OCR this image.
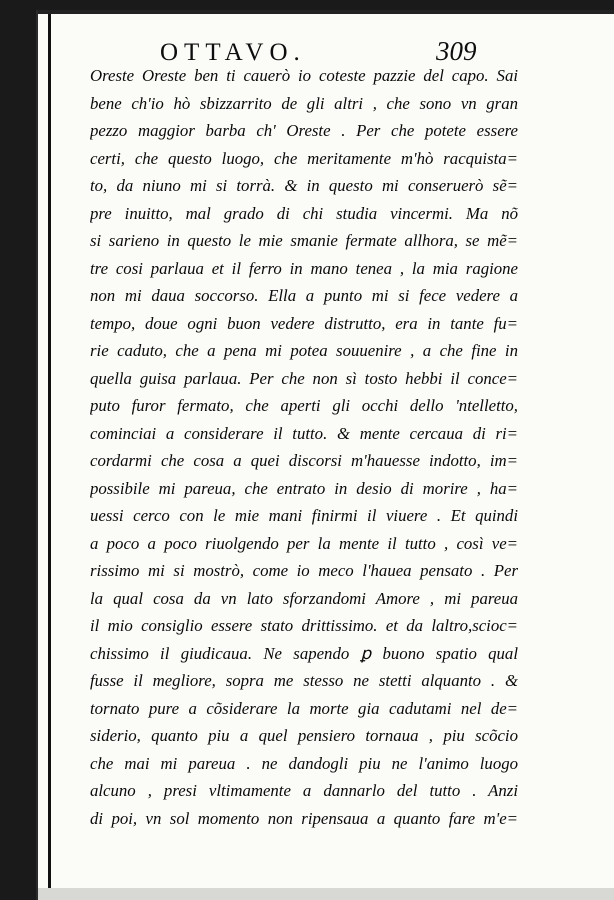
OTTAVO.	309
Oreste Oreste ben ti cauerò io coteste pazzie del capo. Sai
bene ch'io hò sbizzarrito de gli altri , che sono vn gran
pezzo maggior barba ch' Oreste . Per che potete essere
certi, che questo luogo, che meritamente m'hò racquista=
to, da niuno mi si torrà. & in questo mi conseruerò sẽ=
pre inuitto, mal grado di chi studia vincermi. Ma nõ
si sarieno in questo le mie smanie fermate allhora, se mẽ=
tre cosi parlaua et il ferro in mano tenea , la mia ragione
non mi daua soccorso. Ella a punto mi si fece vedere a
tempo, doue ogni buon vedere distrutto, era in tante fu=
rie caduto, che a pena mi potea souuenire , a che fine in
quella guisa parlaua. Per che non sì tosto hebbi il conce=
puto furor fermato, che aperti gli occhi dello 'ntelletto,
cominciai a considerare il tutto. & mente cercaua di ri=
cordarmi che cosa a quei discorsi m'hauesse indotto, im=
possibile mi pareua, che entrato in desio di morire , ha=
uessi cerco con le mie mani finirmi il viuere . Et quindi
a poco a poco riuolgendo per la mente il tutto , così ve=
rissimo mi si mostrò, come io meco l'hauea pensato . Per
la qual cosa da vn lato sforzandomi Amore , mi pareua
il mio consiglio essere stato drittissimo. et da laltro,scioc=
chissimo il giudicaua. Ne sapendo ꝑ buono spatio qual
fusse il megliore, sopra me stesso ne stetti alquanto . &
tornato pure a cõsiderare la morte gia cadutami nel de=
siderio, quanto piu a quel pensiero tornaua , piu scõcio
che mai mi pareua . ne dandogli piu ne l'animo luogo
alcuno , presi vltimamente a dannarlo del tutto . Anzi
di poi, vn sol momento non ripensaua a quanto fare m'e=
